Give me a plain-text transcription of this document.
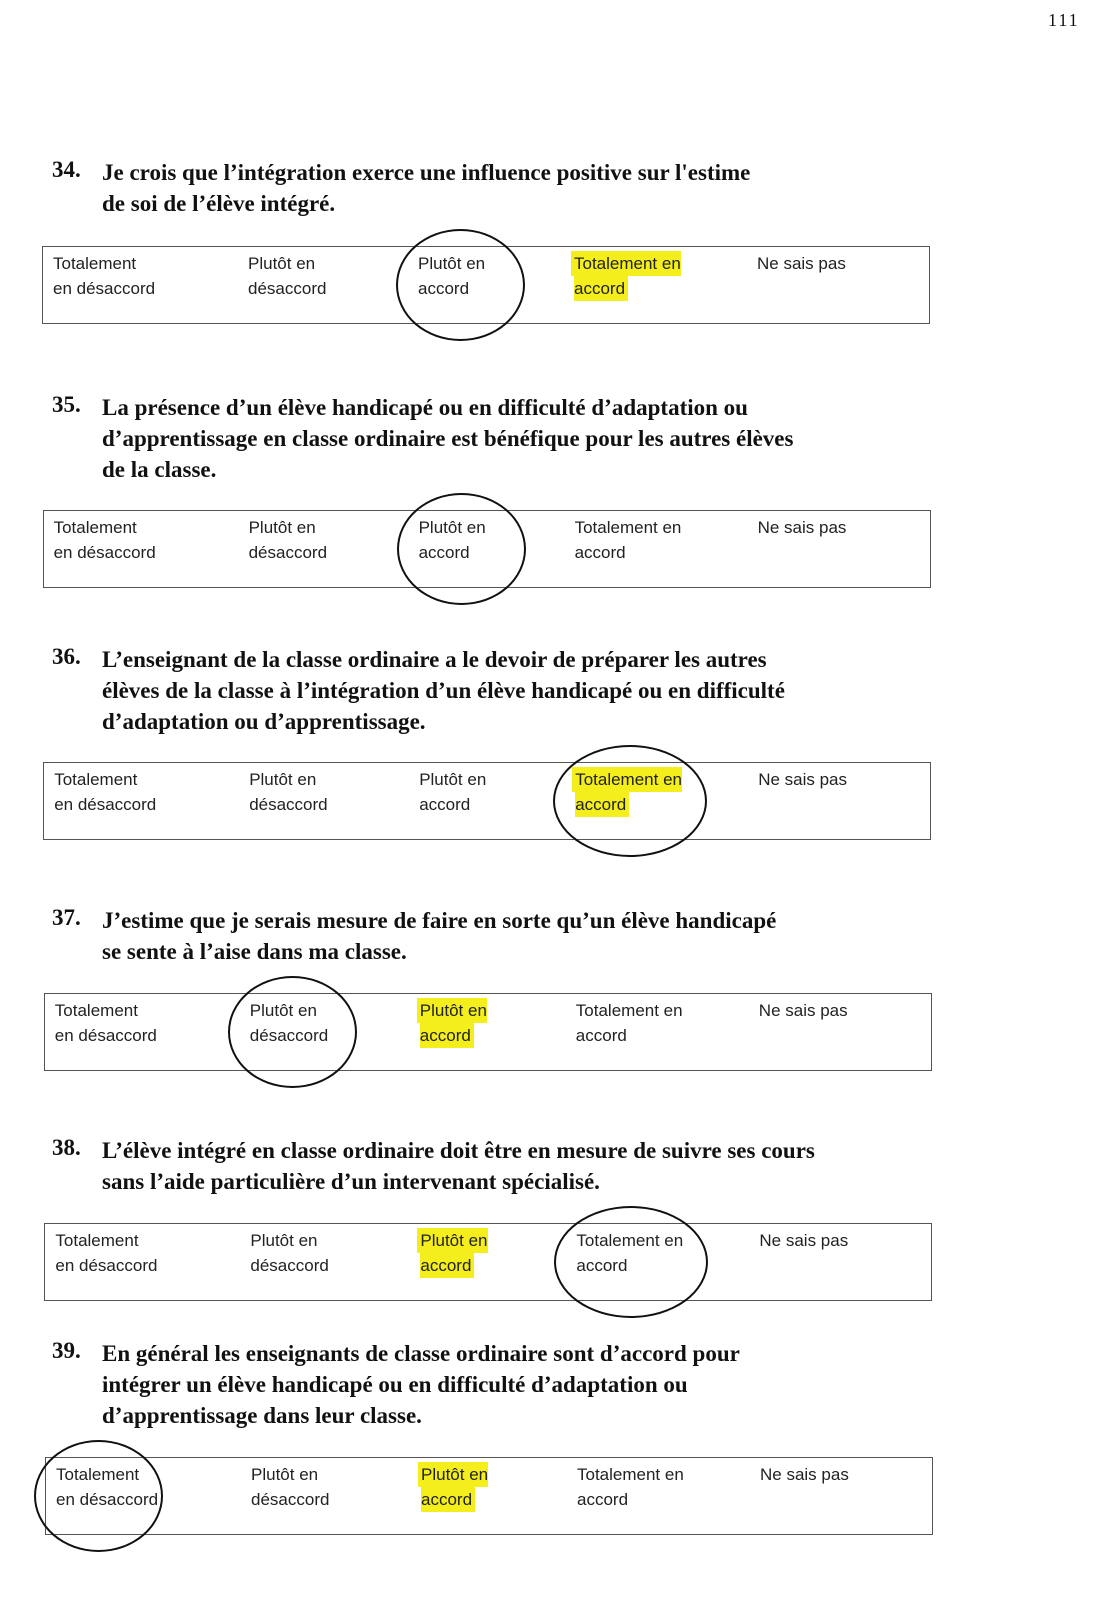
111
34. Je crois que l’intégration exerce une influence positive sur l'estime
de soi de l’élève intégré.
Totalement
en désaccord
Plutôt en
désaccord
Plutôt en
accord
Totalement en
accord
Ne sais pas
35. La présence d’un élève handicapé ou en difficulté d’adaptation ou
d’apprentissage en classe ordinaire est bénéfique pour les autres élèves
de la classe.
Totalement
en désaccord
Plutôt en
désaccord
Plutôt en
accord
Totalement en
accord
Ne sais pas
36. L’enseignant de la classe ordinaire a le devoir de préparer les autres
élèves de la classe à l’intégration d’un élève handicapé ou en difficulté
d’adaptation ou d’apprentissage.
Totalement
en désaccord
Plutôt en
désaccord
Plutôt en
accord
Totalement en
accord
Ne sais pas
37. J’estime que je serais mesure de faire en sorte qu’un élève handicapé
se sente à l’aise dans ma classe.
Totalement
en désaccord
Plutôt en
désaccord
Plutôt en
accord
Totalement en
accord
Ne sais pas
38. L’élève intégré en classe ordinaire doit être en mesure de suivre ses cours
sans l’aide particulière d’un intervenant spécialisé.
Totalement
en désaccord
Plutôt en
désaccord
Plutôt en
accord
Totalement en
accord
Ne sais pas
39. En général les enseignants de classe ordinaire sont d’accord pour
intégrer un élève handicapé ou en difficulté d’adaptation ou
d’apprentissage dans leur classe.
Totalement
en désaccord
Plutôt en
désaccord
Plutôt en
accord
Totalement en
accord
Ne sais pas
